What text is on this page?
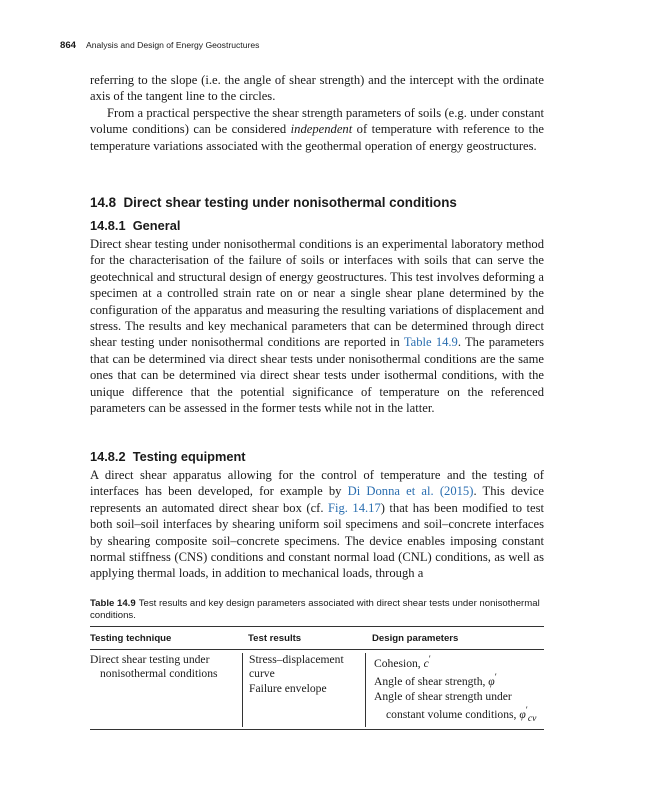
864 Analysis and Design of Energy Geostructures

referring to the slope (i.e. the angle of shear strength) and the intercept with the ordinate axis of the tangent line to the circles.

From a practical perspective the shear strength parameters of soils (e.g. under constant volume conditions) can be considered independent of temperature with reference to the temperature variations associated with the geothermal operation of energy geostructures.

14.8 Direct shear testing under nonisothermal conditions
14.8.1 General

Direct shear testing under nonisothermal conditions is an experimental laboratory method for the characterisation of the failure of soils or interfaces with soils that can serve the geotechnical and structural design of energy geostructures. This test involves deforming a specimen at a controlled strain rate on or near a single shear plane determined by the configuration of the apparatus and measuring the resulting variations of displacement and stress. The results and key mechanical parameters that can be determined through direct shear testing under nonisothermal conditions are reported in Table 14.9. The parameters that can be determined via direct shear tests under nonisothermal conditions are the same ones that can be determined via direct shear tests under isothermal conditions, with the unique difference that the potential significance of temperature on the referenced parameters can be assessed in the former tests while not in the latter.

14.8.2 Testing equipment

A direct shear apparatus allowing for the control of temperature and the testing of interfaces has been developed, for example by Di Donna et al. (2015). This device represents an automated direct shear box (cf. Fig. 14.17) that has been modified to test both soil–soil interfaces by shearing uniform soil specimens and soil–concrete interfaces by shearing composite soil–concrete specimens. The device enables imposing constant normal stiffness (CNS) conditions and constant normal load (CNL) conditions, as well as applying thermal loads, in addition to mechanical loads, through a

Table 14.9 Test results and key design parameters associated with direct shear tests under nonisothermal conditions.
Testing technique	Test results	Design parameters
Direct shear testing under
nonisothermal conditions
Stress–displacement
curve
Failure envelope
Cohesion, c′
Angle of shear strength, φ′
Angle of shear strength under
constant volume conditions, $\varphi'_{cv}$
